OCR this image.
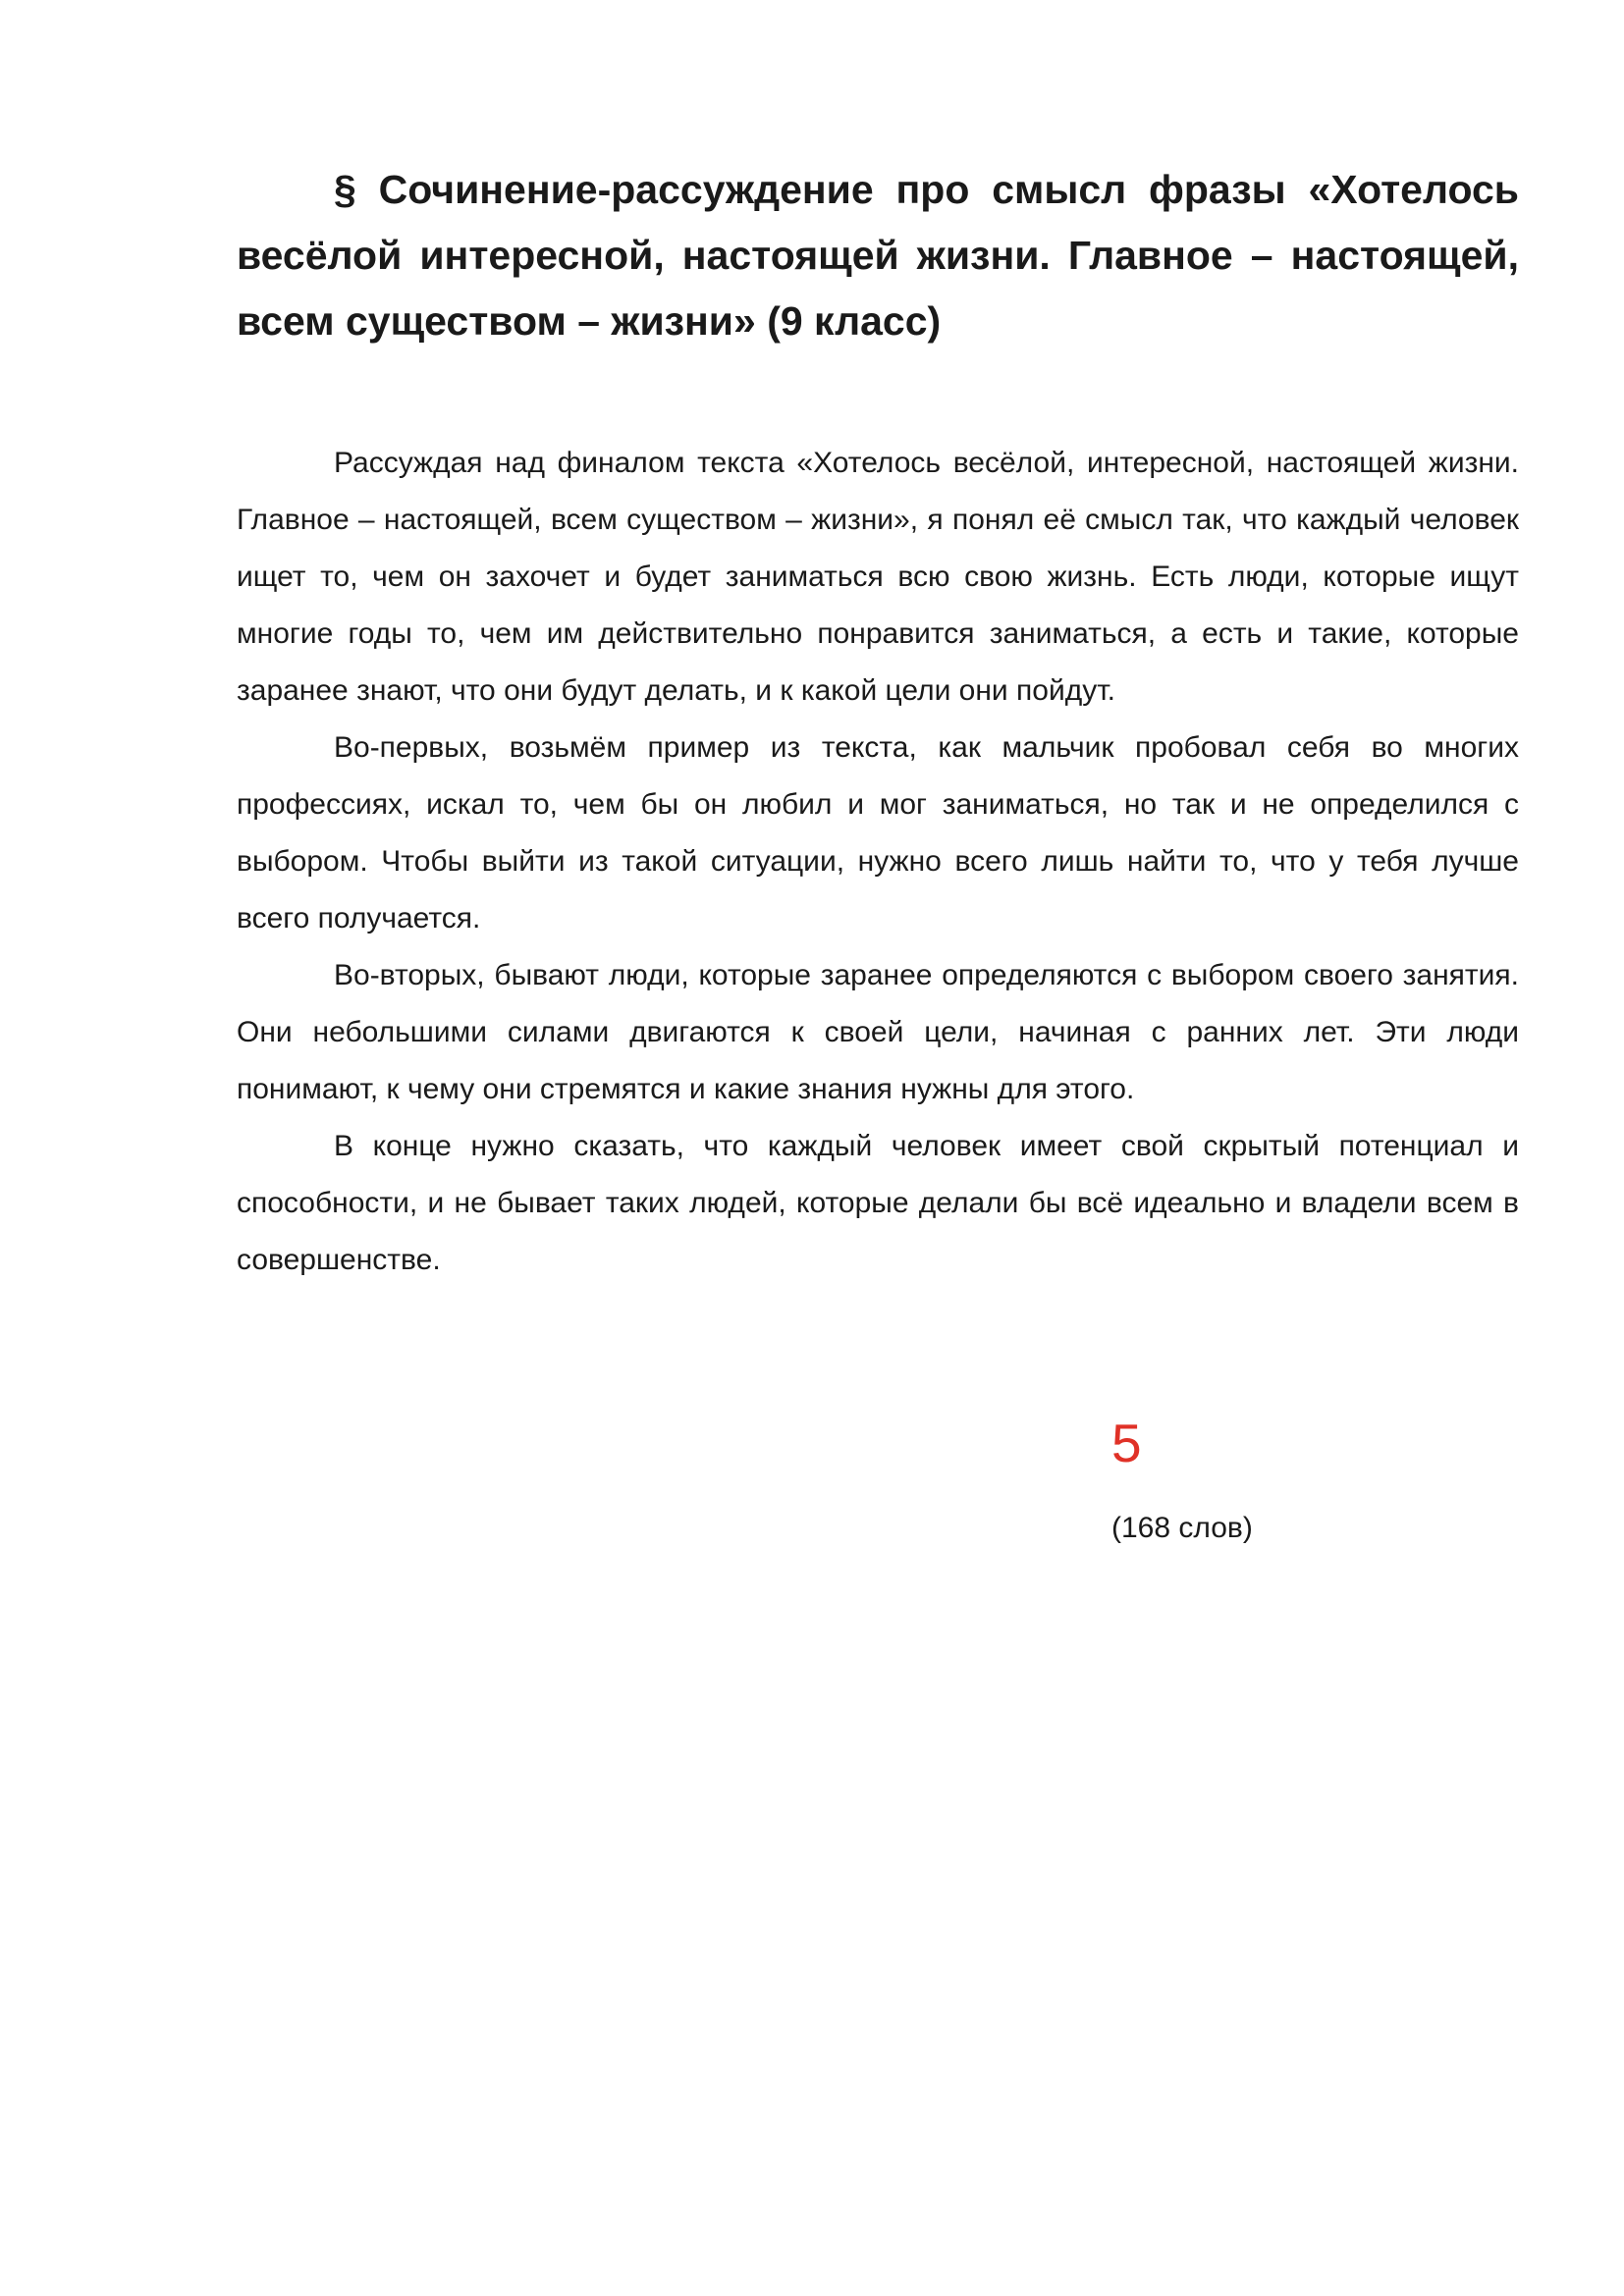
§ Сочинение-рассуждение про смысл фразы «Хотелось весёлой интересной, настоящей жизни. Главное – настоящей, всем существом – жизни» (9 класс)

Рассуждая над финалом текста «Хотелось весёлой, интересной, настоящей жизни. Главное – настоящей, всем существом – жизни», я понял её смысл так, что каждый человек ищет то, чем он захочет и будет заниматься всю свою жизнь. Есть люди, которые ищут многие годы то, чем им действительно понравится заниматься, а есть и такие, которые заранее знают, что они будут делать, и к какой цели они пойдут.

Во-первых, возьмём пример из текста, как мальчик пробовал себя во многих профессиях, искал то, чем бы он любил и мог заниматься, но так и не определился с выбором. Чтобы выйти из такой ситуации, нужно всего лишь найти то, что у тебя лучше всего получается.

Во-вторых, бывают люди, которые заранее определяются с выбором своего занятия. Они небольшими силами двигаются к своей цели, начиная с ранних лет. Эти люди понимают, к чему они стремятся и какие знания нужны для этого.

В конце нужно сказать, что каждый человек имеет свой скрытый потенциал и способности, и не бывает таких людей, которые делали бы всё идеально и владели всем в совершенстве.

5

(168 слов)
